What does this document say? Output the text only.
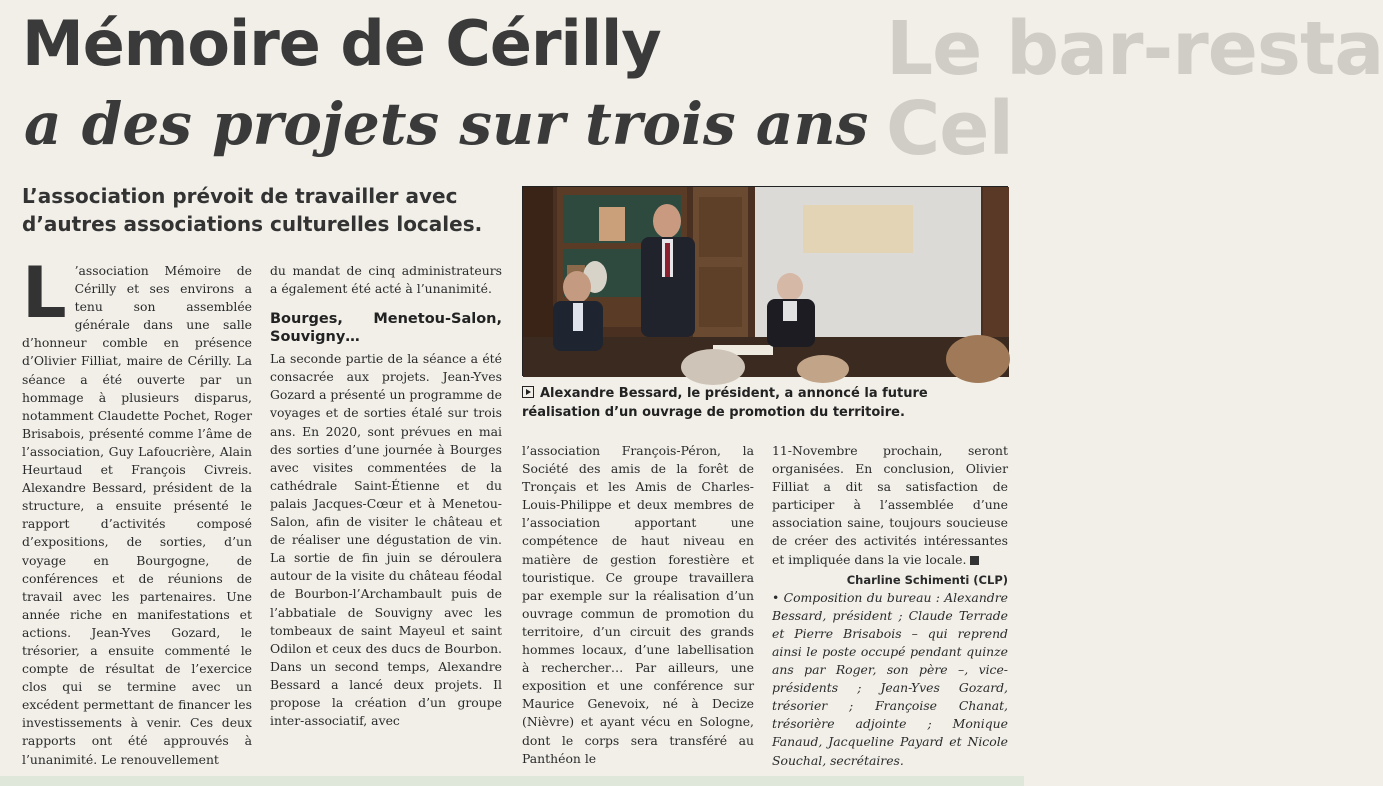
Le bar-resta
Cel
Mémoire de Cérilly
a des projets sur trois ans

L’association prévoit de travailler avec d’autres associations culturelles locales.

Alexandre Bessard, le président, a annoncé la future réalisation d’un ouvrage de promotion du territoire.
L ’association Mémoire de Cérilly et ses environs a tenu son assemblée générale dans une salle d’honneur comble en présence d’Olivier Filliat, maire de Cérilly. La séance a été ouverte par un hommage à plusieurs disparus, notamment Claudette Pochet, Roger Brisabois, présenté comme l’âme de l’association, Guy Lafoucrière, Alain Heurtaud et François Civreis. Alexandre Bessard, président de la structure, a ensuite présenté le rapport d’activités composé d’expositions, de sorties, d’un voyage en Bourgogne, de conférences et de réunions de travail avec les partenaires. Une année riche en manifestations et actions. Jean-Yves Gozard, le trésorier, a ensuite commenté le compte de résultat de l’exercice clos qui se termine avec un excédent permettant de financer les investissements à venir. Ces deux rapports ont été approuvés à l’unanimité. Le renouvellement

du mandat de cinq administrateurs a également été acté à l’unanimité.

Bourges, Menetou-Salon, Souvigny…

La seconde partie de la séance a été consacrée aux projets. Jean-Yves Gozard a présenté un programme de voyages et de sorties étalé sur trois ans. En 2020, sont prévues en mai des sorties d’une journée à Bourges avec visites commentées de la cathédrale Saint-Étienne et du palais Jacques-Cœur et à Menetou-Salon, afin de visiter le château et de réaliser une dégustation de vin. La sortie de fin juin se déroulera autour de la visite du château féodal de Bourbon-l’Archambault puis de l’abbatiale de Souvigny avec les tombeaux de saint Mayeul et saint Odilon et ceux des ducs de Bourbon. Dans un second temps, Alexandre Bessard a lancé deux projets. Il propose la création d’un groupe inter-associatif, avec

l’association François-Péron, la Société des amis de la forêt de Tronçais et les Amis de Charles-Louis-Philippe et deux membres de l’association apportant une compétence de haut niveau en matière de gestion forestière et touristique. Ce groupe travaillera par exemple sur la réalisation d’un ouvrage commun de promotion du territoire, d’un circuit des grands hommes locaux, d’une labellisation à rechercher… Par ailleurs, une exposition et une conférence sur Maurice Genevoix, né à Decize (Nièvre) et ayant vécu en Sologne, dont le corps sera transféré au Panthéon le

11-Novembre prochain, seront organisées. En conclusion, Olivier Filliat a dit sa satisfaction de participer à l’assemblée d’une association saine, toujours soucieuse de créer des activités intéressantes et impliquée dans la vie locale.

Charline Schimenti (CLP)

• Composition du bureau : Alexandre Bessard, président ; Claude Terrade et Pierre Brisabois – qui reprend ainsi le poste occupé pendant quinze ans par Roger, son père –, vice-présidents ; Jean-Yves Gozard, trésorier ; Françoise Chanat, trésorière adjointe ; Monique Fanaud, Jacqueline Payard et Nicole Souchal, secrétaires.
